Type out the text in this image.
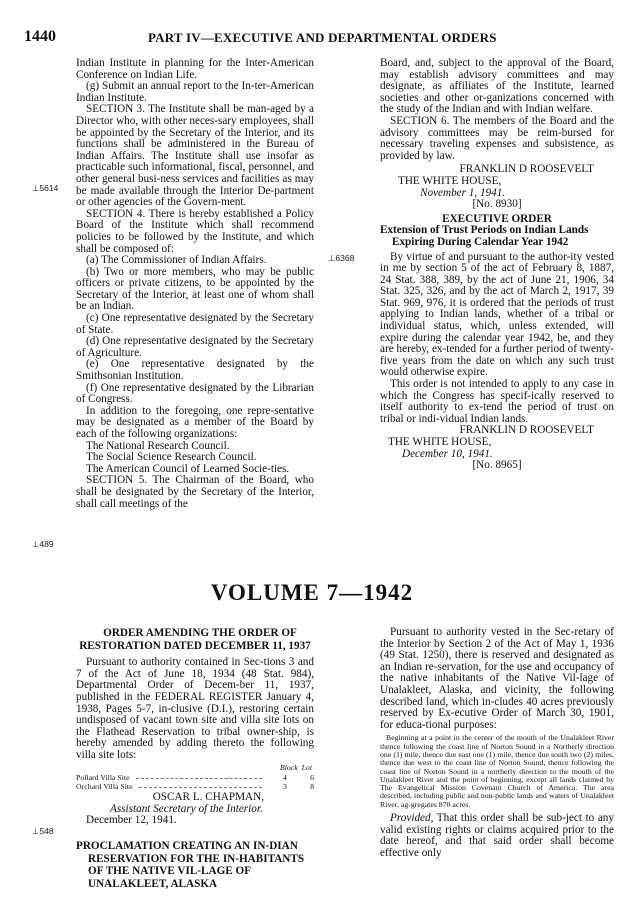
1440	PART IV—EXECUTIVE AND DEPARTMENTAL ORDERS
⊥5614
⊥6368
⊥489
⊥548

Indian Institute in planning for the Inter-American Conference on Indian Life.

(g) Submit an annual report to the In-ter-American Indian Institute.

SECTION 3. The Institute shall be man-aged by a Director who, with other neces-sary employees, shall be appointed by the Secretary of the Interior, and its functions shall be administered in the Bureau of Indian Affairs. The Institute shall use insofar as practicable such informational, fiscal, personnel, and other general busi-ness services and facilities as may be made available through the Interior De-partment or other agencies of the Govern-ment.

SECTION 4. There is hereby established a Policy Board of the Institute which shall recommend policies to be followed by the Institute, and which shall be composed of:

(a) The Commissioner of Indian Affairs.

(b) Two or more members, who may be public officers or private citizens, to be appointed by the Secretary of the Interior, at least one of whom shall be an Indian.

(c) One representative designated by the Secretary of State.

(d) One representative designated by the Secretary of Agriculture.

(e) One representative designated by the Smithsonian Institution.

(f) One representative designated by the Librarian of Congress.

In addition to the foregoing, one repre-sentative may be designated as a member of the Board by each of the following organizations:

The National Research Council.

The Social Science Research Council.

The American Council of Learned Socie-ties.

SECTION 5. The Chairman of the Board, who shall be designated by the Secretary of the Interior, shall call meetings of the

Board, and, subject to the approval of the Board, may establish advisory committees and may designate, as affiliates of the Institute, learned societies and other or-ganizations concerned with the study of the Indian and with Indian welfare.

SECTION 6. The members of the Board and the advisory committees may be reim-bursed for necessary traveling expenses and subsistence, as provided by law.

FRANKLIN D ROOSEVELT

THE WHITE HOUSE,

November 1, 1941.

[No. 8930]

EXECUTIVE ORDER

Extension of Trust Periods on Indian Lands Expiring During Calendar Year 1942

By virtue of and pursuant to the author-ity vested in me by section 5 of the act of February 8, 1887, 24 Stat. 388, 389, by the act of June 21, 1906, 34 Stat. 325, 326, and by the act of March 2, 1917, 39 Stat. 969, 976, it is ordered that the periods of trust applying to Indian lands, whether of a tribal or individual status, which, unless extended, will expire during the calendar year 1942, be, and they are hereby, ex-tended for a further period of twenty-five years from the date on which any such trust would otherwise expire.

This order is not intended to apply to any case in which the Congress has specif-ically reserved to itself authority to ex-tend the period of trust on tribal or indi-vidual Indian lands.

FRANKLIN D ROOSEVELT

THE WHITE HOUSE,

December 10, 1941.

[No. 8965]

VOLUME 7—1942

ORDER AMENDING THE ORDER OF RESTORATION DATED DECEMBER 11, 1937

Pursuant to authority contained in Sec-tions 3 and 7 of the Act of June 18, 1934 (48 Stat. 984), Departmental Order of Decem-ber 11, 1937, published in the FEDERAL REGISTER January 4, 1938, Pages 5-7, in-clusive (D.I.), restoring certain undisposed of vacant town site and villa site lots on the Flathead Reservation to tribal owner-ship, is hereby amended by adding thereto the following villa site lots:

Block Lot
Pollard Villa Site	4	6
Orchard Villa Site	3	8

OSCAR L. CHAPMAN,

Assistant Secretary of the Interior.

December 12, 1941.

PROCLAMATION CREATING AN IN-DIAN RESERVATION FOR THE IN-HABITANTS OF THE NATIVE VIL-LAGE OF UNALAKLEET, ALASKA

Pursuant to authority vested in the Sec-retary of the Interior by Section 2 of the Act of May 1, 1936 (49 Stat. 1250), there is reserved and designated as an Indian re-servation, for the use and occupancy of the native inhabitants of the Native Vil-lage of Unalakleet, Alaska, and vicinity, the following described land, which in-cludes 40 acres previously reserved by Ex-ecutive Order of March 30, 1901, for educa-tional purposes:

Beginning at a point in the center of the mouth of the Unalakleet River thence following the coast line of Norton Sound in a Northerly direction one (1) mile, thence due east one (1) mile, thence due south two (2) miles, thence due west to the coast line of Norton Sound, thence following the coast line of Norton Sound in a northerly direction to the mouth of the Unalakleet River and the point of beginning, except all lands claimed by The Evangelical Mission Covenant Church of America. The area described, including public and non-public lands and waters of Unalakleet River, ag-gregates 870 acres.

Provided, That this order shall be sub-ject to any valid existing rights or claims acquired prior to the date hereof, and that said order shall become effective only
